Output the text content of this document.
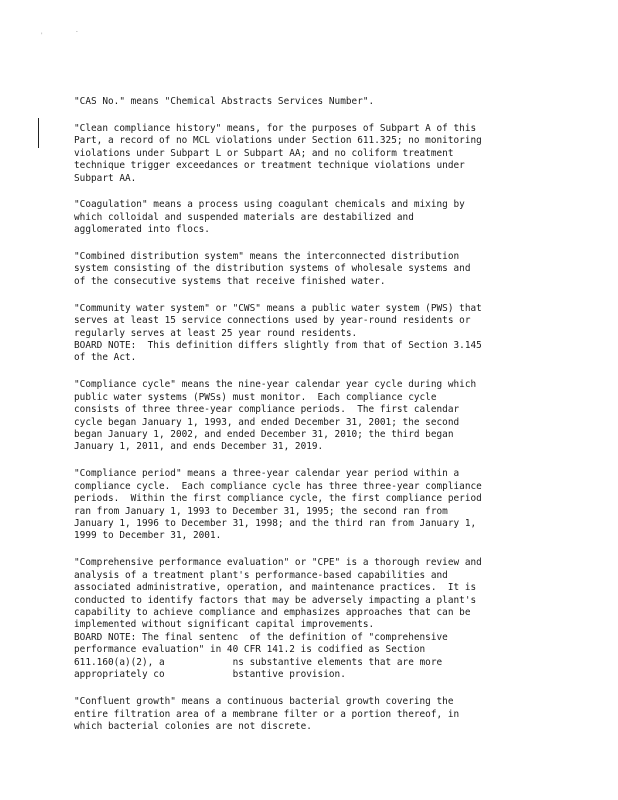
'
-
"CAS No." means "Chemical Abstracts Services Number".
"Clean compliance history" means, for the purposes of Subpart A of this
Part, a record of no MCL violations under Section 611.325; no monitoring
violations under Subpart L or Subpart AA; and no coliform treatment
technique trigger exceedances or treatment technique violations under
Subpart AA.
"Coagulation" means a process using coagulant chemicals and mixing by
which colloidal and suspended materials are destabilized and
agglomerated into flocs.
"Combined distribution system" means the interconnected distribution
system consisting of the distribution systems of wholesale systems and
of the consecutive systems that receive finished water.
"Community water system" or "CWS" means a public water system (PWS) that
serves at least 15 service connections used by year-round residents or
regularly serves at least 25 year round residents.
BOARD NOTE:  This definition differs slightly from that of Section 3.145
of the Act.
"Compliance cycle" means the nine-year calendar year cycle during which
public water systems (PWSs) must monitor.  Each compliance cycle
consists of three three-year compliance periods.  The first calendar
cycle began January 1, 1993, and ended December 31, 2001; the second
began January 1, 2002, and ended December 31, 2010; the third began
January 1, 2011, and ends December 31, 2019.
"Compliance period" means a three-year calendar year period within a
compliance cycle.  Each compliance cycle has three three-year compliance
periods.  Within the first compliance cycle, the first compliance period
ran from January 1, 1993 to December 31, 1995; the second ran from
January 1, 1996 to December 31, 1998; and the third ran from January 1,
1999 to December 31, 2001.
"Comprehensive performance evaluation" or "CPE" is a thorough review and
analysis of a treatment plant's performance-based capabilities and
associated administrative, operation, and maintenance practices.  It is
conducted to identify factors that may be adversely impacting a plant's
capability to achieve compliance and emphasizes approaches that can be
implemented without significant capital improvements.
BOARD NOTE: The final sentenc  of the definition of "comprehensive
performance evaluation" in 40 CFR 141.2 is codified as Section
611.160(a)(2), a            ns substantive elements that are more
appropriately co            bstantive provision.
"Confluent growth" means a continuous bacterial growth covering the
entire filtration area of a membrane filter or a portion thereof, in
which bacterial colonies are not discrete.
